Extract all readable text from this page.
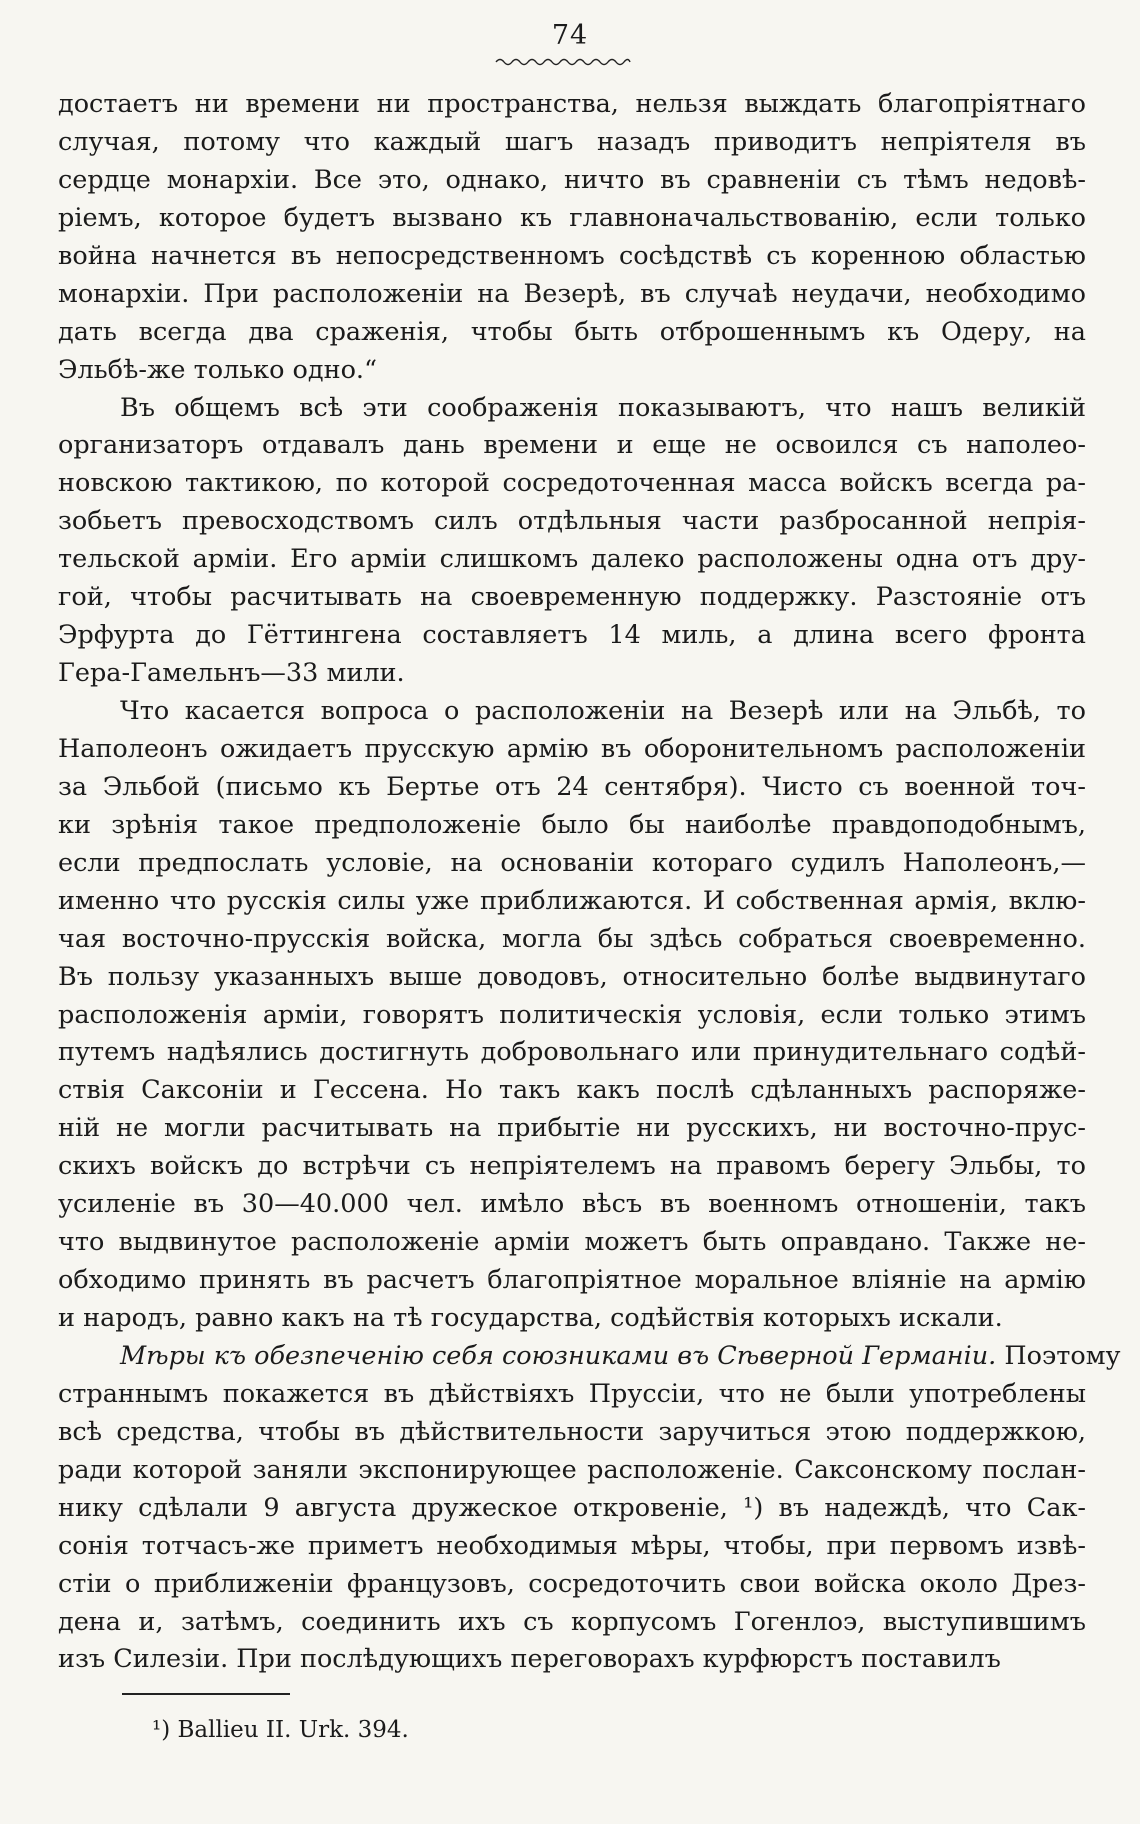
74
достаетъ ни времени ни пространства, нельзя выждать благопріятнаго
случая, потому что каждый шагъ назадъ приводитъ непріятеля въ
сердце монархіи. Все это, однако, ничто въ сравненіи съ тѣмъ недовѣ-
ріемъ, которое будетъ вызвано къ главноначальствованію, если только
война начнется въ непосредственномъ сосѣдствѣ съ коренною областью
монархіи. При расположеніи на Везерѣ, въ случаѣ неудачи, необходимо
дать всегда два сраженія, чтобы быть отброшеннымъ къ Одеру, на
Эльбѣ-же только одно.“
Въ общемъ всѣ эти соображенія показываютъ, что нашъ великій
организаторъ отдавалъ дань времени и еще не освоился съ наполео-
новскою тактикою, по которой сосредоточенная масса войскъ всегда ра-
зобьетъ превосходствомъ силъ отдѣльныя части разбросанной непрія-
тельской арміи. Его арміи слишкомъ далеко расположены одна отъ дру-
гой, чтобы расчитывать на своевременную поддержку. Разстояніе отъ
Эрфурта до Гёттингена составляетъ 14 миль, а длина всего фронта
Гера-Гамельнъ—33 мили.
Что касается вопроса о расположеніи на Везерѣ или на Эльбѣ, то
Наполеонъ ожидаетъ прусскую армію въ оборонительномъ расположеніи
за Эльбой (письмо къ Бертье отъ 24 сентября). Чисто съ военной точ-
ки зрѣнія такое предположеніе было бы наиболѣе правдоподобнымъ,
если предпослать условіе, на основаніи котораго судилъ Наполеонъ,—
именно что русскія силы уже приближаются. И собственная армія, вклю-
чая восточно-прусскія войска, могла бы здѣсь собраться своевременно.
Въ пользу указанныхъ выше доводовъ, относительно болѣе выдвинутаго
расположенія арміи, говорятъ политическія условія, если только этимъ
путемъ надѣялись достигнуть добровольнаго или принудительнаго содѣй-
ствія Саксоніи и Гессена. Но такъ какъ послѣ сдѣланныхъ распоряже-
ній не могли расчитывать на прибытіе ни русскихъ, ни восточно-прус-
скихъ войскъ до встрѣчи съ непріятелемъ на правомъ берегу Эльбы, то
усиленіе въ 30—40.000 чел. имѣло вѣсъ въ военномъ отношеніи, такъ
что выдвинутое расположеніе арміи можетъ быть оправдано. Также не-
обходимо принять въ расчетъ благопріятное моральное вліяніе на армію
и народъ, равно какъ на тѣ государства, содѣйствія которыхъ искали.
Мѣры къ обезпеченію себя союзниками въ Сѣверной Германіи. Поэтому
страннымъ покажется въ дѣйствіяхъ Пруссіи, что не были употреблены
всѣ средства, чтобы въ дѣйствительности заручиться этою поддержкою,
ради которой заняли экспонирующее расположеніе. Саксонскому послан-
нику сдѣлали 9 августа дружеское откровеніе, ¹) въ надеждѣ, что Сак-
сонія тотчасъ-же приметъ необходимыя мѣры, чтобы, при первомъ извѣ-
стіи о приближеніи французовъ, сосредоточить свои войска около Дрез-
дена и, затѣмъ, соединить ихъ съ корпусомъ Гогенлоэ, выступившимъ
изъ Силезіи. При послѣдующихъ переговорахъ курфюрстъ поставилъ
¹) Ballieu II. Urk. 394.
